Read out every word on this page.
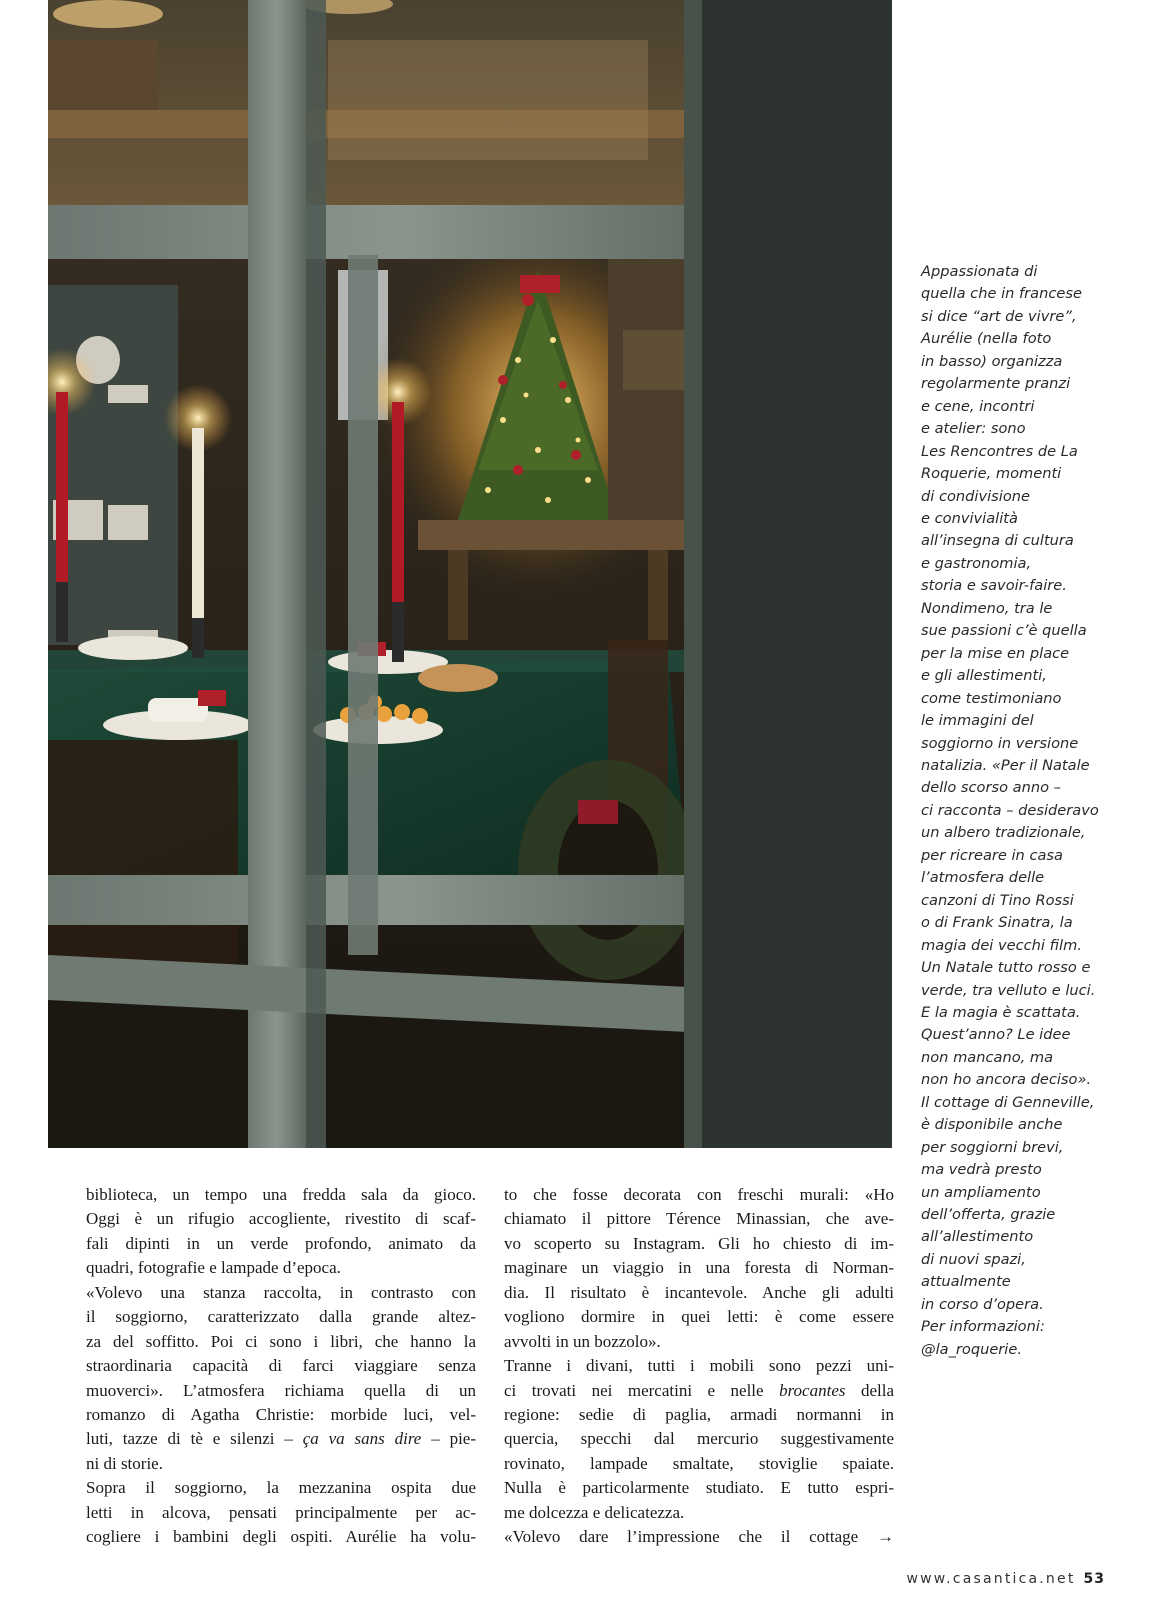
Appassionata di
quella che in francese
si dice “art de vivre”,
Aurélie (nella foto
in basso) organizza
regolarmente pranzi
e cene, incontri
e atelier: sono
Les Rencontres de La
Roquerie, momenti
di condivisione
e convivialità
all’insegna di cultura
e gastronomia,
storia e savoir-faire.
Nondimeno, tra le
sue passioni c’è quella
per la mise en place
e gli allestimenti,
come testimoniano
le immagini del
soggiorno in versione
natalizia. «Per il Natale
dello scorso anno –
ci racconta – desideravo
un albero tradizionale,
per ricreare in casa
l’atmosfera delle
canzoni di Tino Rossi
o di Frank Sinatra, la
magia dei vecchi film.
Un Natale tutto rosso e
verde, tra velluto e luci.
E la magia è scattata.
Quest’anno? Le idee
non mancano, ma
non ho ancora deciso».
Il cottage di Genneville,
è disponibile anche
per soggiorni brevi,
ma vedrà presto
un ampliamento
dell’offerta, grazie
all’allestimento
di nuovi spazi,
attualmente
in corso d’opera.
Per informazioni:
@la_roquerie.
biblioteca, un tempo una fredda sala da gioco.
Oggi è un rifugio accogliente, rivestito di scaf-
fali dipinti in un verde profondo, animato da
quadri, fotografie e lampade d’epoca.
«Volevo una stanza raccolta, in contrasto con
il soggiorno, caratterizzato dalla grande altez-
za del soffitto. Poi ci sono i libri, che hanno la
straordinaria capacità di farci viaggiare senza
muoverci». L’atmosfera richiama quella di un
romanzo di Agatha Christie: morbide luci, vel-
luti, tazze di tè e silenzi – ça va sans dire – pie-
ni di storie.
Sopra il soggiorno, la mezzanina ospita due
letti in alcova, pensati principalmente per ac-
cogliere i bambini degli ospiti. Aurélie ha volu-
to che fosse decorata con freschi murali: «Ho
chiamato il pittore Térence Minassian, che ave-
vo scoperto su Instagram. Gli ho chiesto di im-
maginare un viaggio in una foresta di Norman-
dia. Il risultato è incantevole. Anche gli adulti
vogliono dormire in quei letti: è come essere
avvolti in un bozzolo».
Tranne i divani, tutti i mobili sono pezzi uni-
ci trovati nei mercatini e nelle brocantes della
regione: sedie di paglia, armadi normanni in
quercia, specchi dal mercurio suggestivamente
rovinato, lampade smaltate, stoviglie spaiate.
Nulla è particolarmente studiato. E tutto espri-
me dolcezza e delicatezza.
«Volevo dare l’impressione che il cottage →
www.casantica.net 53
